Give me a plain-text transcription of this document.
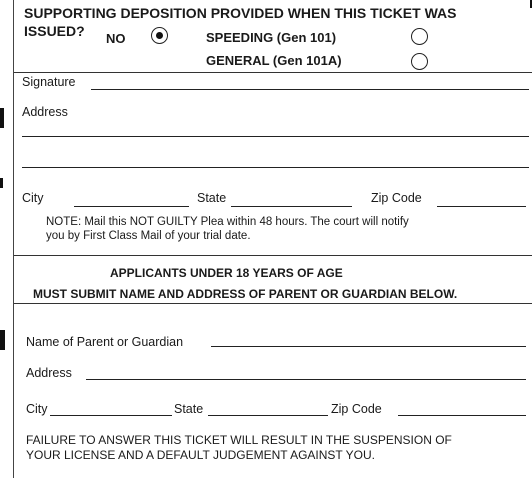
SUPPORTING DEPOSITION PROVIDED WHEN THIS TICKET WAS
ISSUED? NO	SPEEDING (Gen 101)
GENERAL (Gen 101A)
Signature
Address
City	State	Zip Code
NOTE: Mail this NOT GUILTY Plea within 48 hours. The court will notify
you by First Class Mail of your trial date.
APPLICANTS UNDER 18 YEARS OF AGE
MUST SUBMIT NAME AND ADDRESS OF PARENT OR GUARDIAN BELOW.
Name of Parent or Guardian
Address
City	State	Zip Code
FAILURE TO ANSWER THIS TICKET WILL RESULT IN THE SUSPENSION OF
YOUR LICENSE AND A DEFAULT JUDGEMENT AGAINST YOU.
